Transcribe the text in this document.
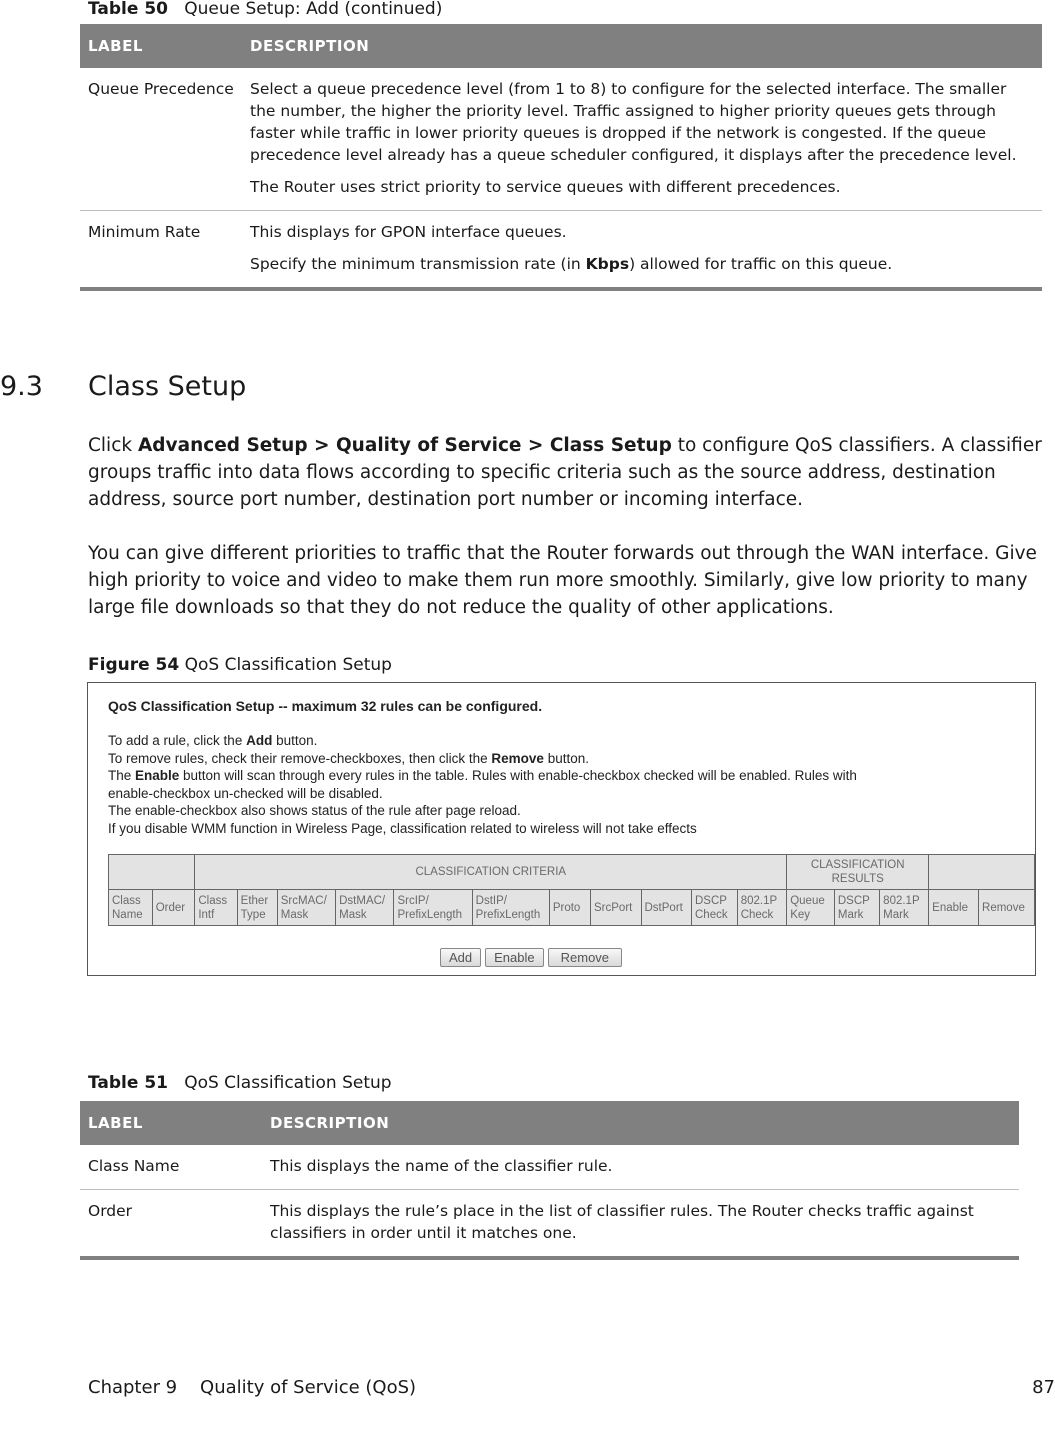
Table 50 Queue Setup: Add (continued)
LABEL	DESCRIPTION
Queue Precedence	Select a queue precedence level (from 1 to 8) to configure for the selected interface. The smaller the number, the higher the priority level. Traffic assigned to higher priority queues gets through faster while traffic in lower priority queues is dropped if the network is congested. If the queue precedence level already has a queue scheduler configured, it displays after the precedence level.

The Router uses strict priority to service queues with different precedences.

Minimum Rate	This displays for GPON interface queues.

Specify the minimum transmission rate (in Kbps) allowed for traffic on this queue.

9.3 Class Setup
Click Advanced Setup > Quality of Service > Class Setup to configure QoS classifiers. A classifier groups traffic into data flows according to specific criteria such as the source address, destination address, source port number, destination port number or incoming interface.
You can give different priorities to traffic that the Router forwards out through the WAN interface. Give high priority to voice and video to make them run more smoothly. Similarly, give low priority to many large file downloads so that they do not reduce the quality of other applications.
Figure 54 QoS Classification Setup
QoS Classification Setup -- maximum 32 rules can be configured.
To add a rule, click the Add button.
To remove rules, check their remove-checkboxes, then click the Remove button.
The Enable button will scan through every rules in the table. Rules with enable-checkbox checked will be enabled. Rules with
enable-checkbox un-checked will be disabled.
The enable-checkbox also shows status of the rule after page reload.
If you disable WMM function in Wireless Page, classification related to wireless will not take effects
		CLASSIFICATION CRITERIA											CLASSIFICATION RESULTS				
Class Name	Order	Class Intf	Ether Type	SrcMAC/ Mask	DstMAC/ Mask	SrcIP/ PrefixLength	DstIP/ PrefixLength	Proto	SrcPort	DstPort	DSCP Check	802.1P Check	Queue Key	DSCP Mark	802.1P Mark	Enable	Remove
Add Enable Remove
Table 51 QoS Classification Setup
LABEL	DESCRIPTION
Class Name	This displays the name of the classifier rule.
Order	This displays the rule’s place in the list of classifier rules. The Router checks traffic against classifiers in order until it matches one.
Chapter 9 Quality of Service (QoS)	87
